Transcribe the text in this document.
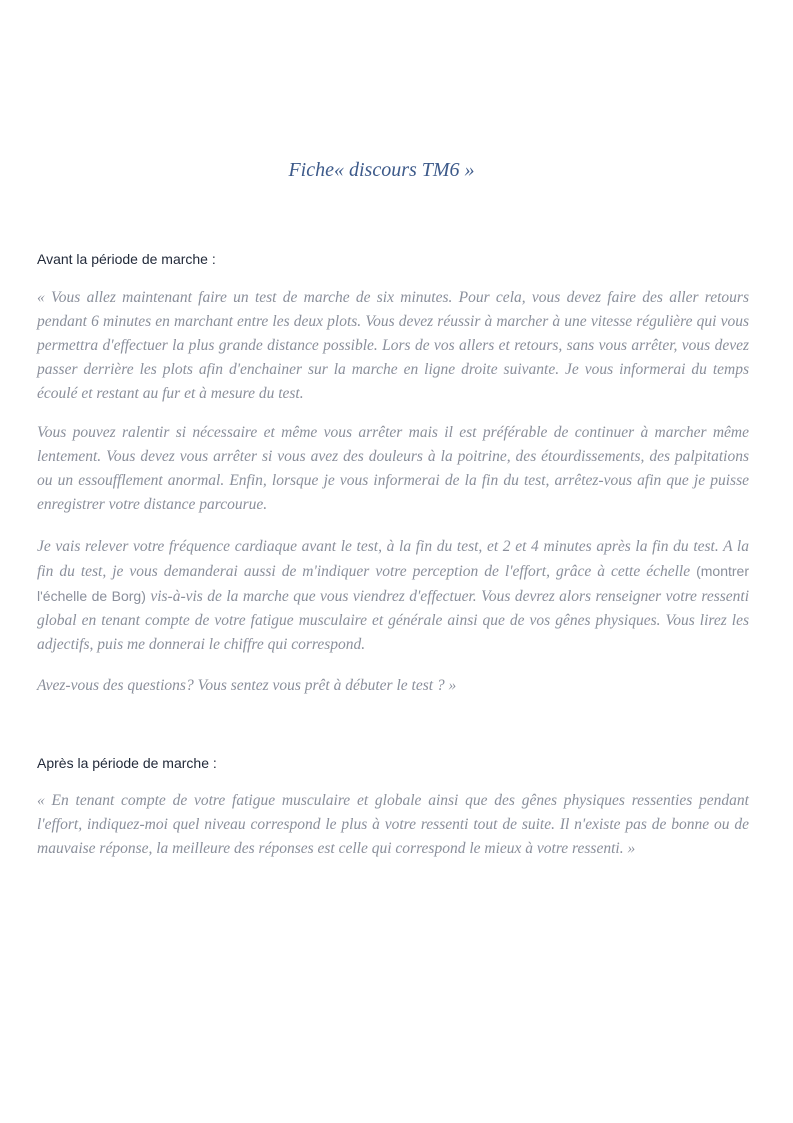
Fiche« discours TM6 »
Avant la période de marche :

« Vous allez maintenant faire un test de marche de six minutes. Pour cela, vous devez faire des aller retours pendant 6 minutes en marchant entre les deux plots. Vous devez réussir à marcher à une vitesse régulière qui vous permettra d'effectuer la plus grande distance possible. Lors de vos allers et retours, sans vous arrêter, vous devez passer derrière les plots afin d'enchainer sur la marche en ligne droite suivante. Je vous informerai du temps écoulé et restant au fur et à mesure du test.

Vous pouvez ralentir si nécessaire et même vous arrêter mais il est préférable de continuer à marcher même lentement. Vous devez vous arrêter si vous avez des douleurs à la poitrine, des étourdissements, des palpitations ou un essoufflement anormal. Enfin, lorsque je vous informerai de la fin du test, arrêtez-vous afin que je puisse enregistrer votre distance parcourue.

Je vais relever votre fréquence cardiaque avant le test, à la fin du test, et 2 et 4 minutes après la fin du test. A la fin du test, je vous demanderai aussi de m'indiquer votre perception de l'effort, grâce à cette échelle (montrer l'échelle de Borg) vis-à-vis de la marche que vous viendrez d'effectuer. Vous devrez alors renseigner votre ressenti global en tenant compte de votre fatigue musculaire et générale ainsi que de vos gênes physiques. Vous lirez les adjectifs, puis me donnerai le chiffre qui correspond.

Avez-vous des questions? Vous sentez vous prêt à débuter le test ? »

Après la période de marche :

« En tenant compte de votre fatigue musculaire et globale ainsi que des gênes physiques ressenties pendant l'effort, indiquez-moi quel niveau correspond le plus à votre ressenti tout de suite. Il n'existe pas de bonne ou de mauvaise réponse, la meilleure des réponses est celle qui correspond le mieux à votre ressenti. »
